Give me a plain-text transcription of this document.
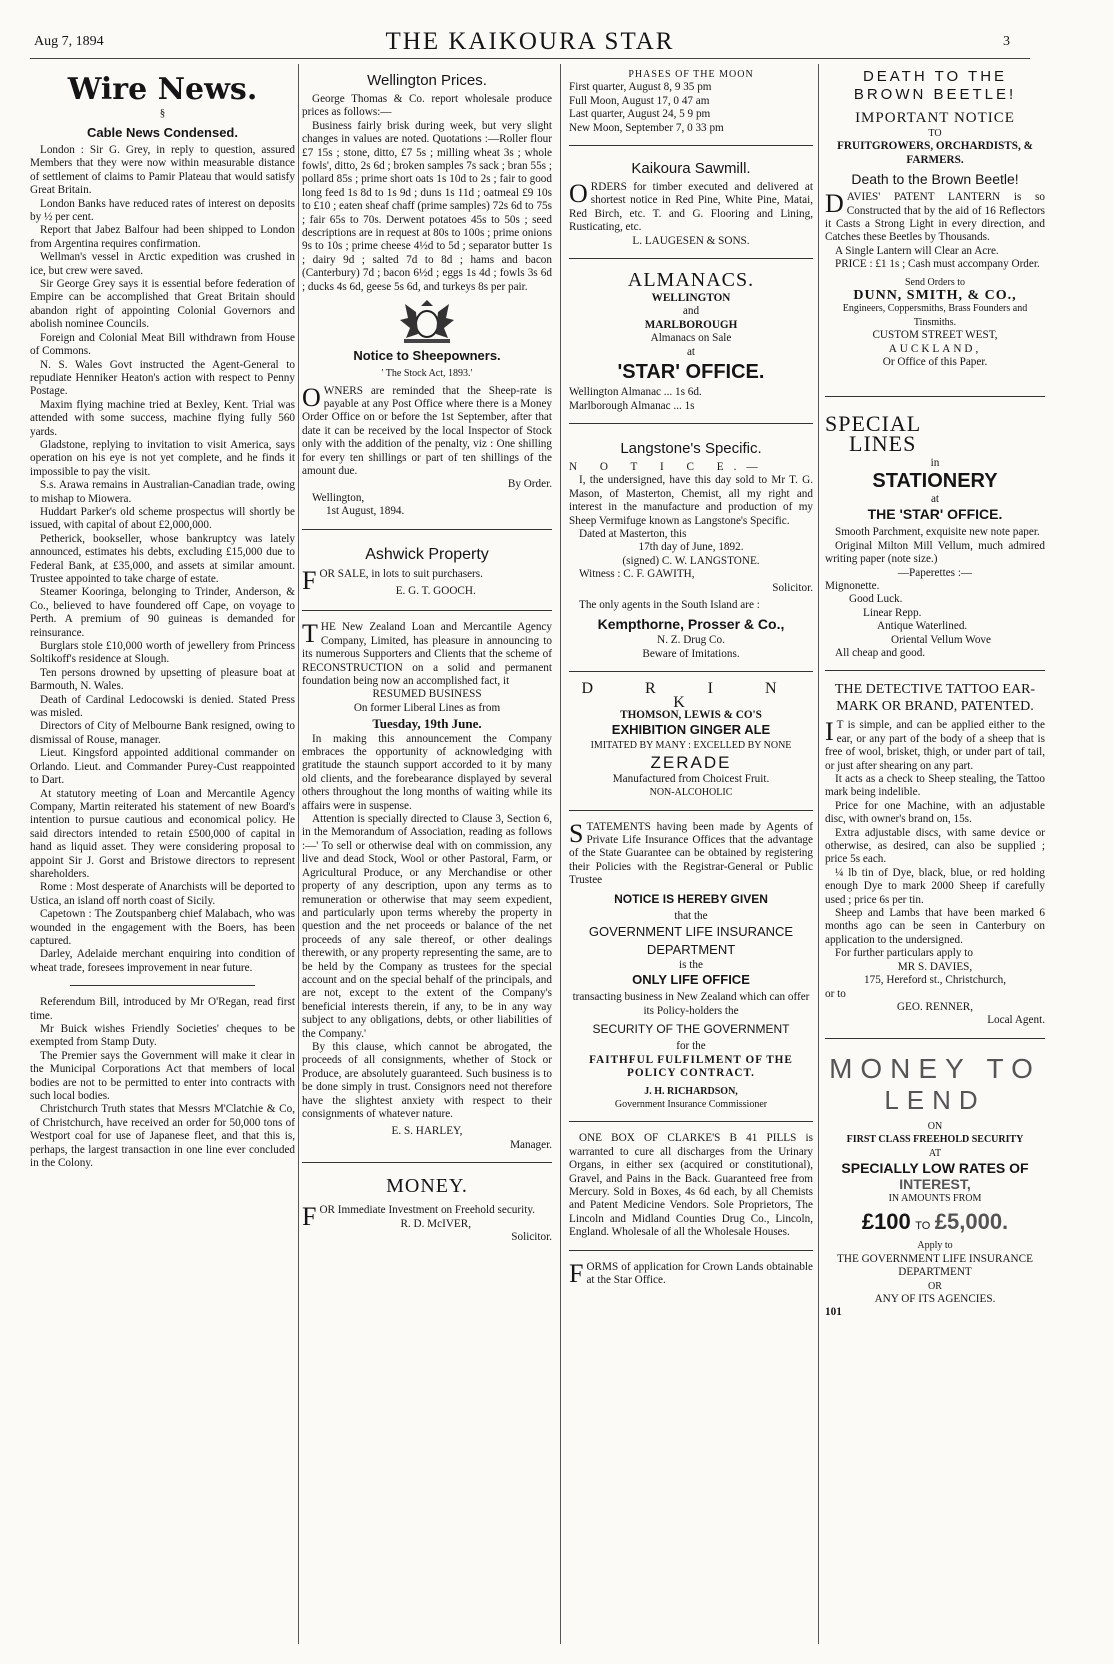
Aug 7, 1894	THE KAIKOURA STAR	3
Wire News.
§
Cable News Condensed.

London : Sir G. Grey, in reply to question, assured Members that they were now within measurable distance of settlement of claims to Pamir Plateau that would satisfy Great Britain.

London Banks have reduced rates of interest on deposits by ½ per cent.

Report that Jabez Balfour had been shipped to London from Argentina requires confirmation.

Wellman's vessel in Arctic expedition was crushed in ice, but crew were saved.

Sir George Grey says it is essential before federation of Empire can be accomplished that Great Britain should abandon right of appointing Colonial Governors and abolish nominee Councils.

Foreign and Colonial Meat Bill withdrawn from House of Commons.

N. S. Wales Govt instructed the Agent-General to repudiate Henniker Heaton's action with respect to Penny Postage.

Maxim flying machine tried at Bexley, Kent. Trial was attended with some success, machine flying fully 560 yards.

Gladstone, replying to invitation to visit America, says operation on his eye is not yet complete, and he finds it impossible to pay the visit.

S.s. Arawa remains in Australian-Canadian trade, owing to mishap to Miowera.

Huddart Parker's old scheme prospectus will shortly be issued, with capital of about £2,000,000.

Petherick, bookseller, whose bankruptcy was lately announced, estimates his debts, excluding £15,000 due to Federal Bank, at £35,000, and assets at similar amount. Trustee appointed to take charge of estate.

Steamer Kooringa, belonging to Trinder, Anderson, & Co., believed to have foundered off Cape, on voyage to Perth. A premium of 90 guineas is demanded for reinsurance.

Burglars stole £10,000 worth of jewellery from Princess Soltikoff's residence at Slough.

Ten persons drowned by upsetting of pleasure boat at Barmouth, N. Wales.

Death of Cardinal Ledocowski is denied. Stated Press was misled.

Directors of City of Melbourne Bank resigned, owing to dismissal of Rouse, manager.

Lieut. Kingsford appointed additional commander on Orlando. Lieut. and Commander Purey-Cust reappointed to Dart.

At statutory meeting of Loan and Mercantile Agency Company, Martin reiterated his statement of new Board's intention to pursue cautious and economical policy. He said directors intended to retain £500,000 of capital in hand as liquid asset. They were considering proposal to appoint Sir J. Gorst and Bristowe directors to represent shareholders.

Rome : Most desperate of Anarchists will be deported to Ustica, an island off north coast of Sicily.

Capetown : The Zoutspanberg chief Malabach, who was wounded in the engagement with the Boers, has been captured.

Darley, Adelaide merchant enquiring into condition of wheat trade, foresees improvement in near future.

Referendum Bill, introduced by Mr O'Regan, read first time.

Mr Buick wishes Friendly Societies' cheques to be exempted from Stamp Duty.

The Premier says the Government will make it clear in the Municipal Corporations Act that members of local bodies are not to be permitted to enter into contracts with such local bodies.

Christchurch Truth states that Messrs M'Clatchie & Co, of Christchurch, have received an order for 50,000 tons of Westport coal for use of Japanese fleet, and that this is, perhaps, the largest transaction in one line ever concluded in the Colony.

Wellington Prices.

George Thomas & Co. report wholesale produce prices as follows:—

Business fairly brisk during week, but very slight changes in values are noted. Quotations :—Roller flour £7 15s ; stone, ditto, £7 5s ; milling wheat 3s ; whole fowls', ditto, 2s 6d ; broken samples 7s sack ; bran 55s ; pollard 85s ; prime short oats 1s 10d to 2s ; fair to good long feed 1s 8d to 1s 9d ; duns 1s 11d ; oatmeal £9 10s to £10 ; eaten sheaf chaff (prime samples) 72s 6d to 75s ; fair 65s to 70s. Derwent potatoes 45s to 50s ; seed descriptions are in request at 80s to 100s ; prime onions 9s to 10s ; prime cheese 4½d to 5d ; separator butter 1s ; dairy 9d ; salted 7d to 8d ; hams and bacon (Canterbury) 7d ; bacon 6½d ; eggs 1s 4d ; fowls 3s 6d ; ducks 4s 6d, geese 5s 6d, and turkeys 8s per pair.

Notice to Sheepowners.

' The Stock Act, 1893.'

OWNERS are reminded that the Sheep-rate is payable at any Post Office where there is a Money Order Office on or before the 1st September, after that date it can be received by the local Inspector of Stock only with the addition of the penalty, viz : One shilling for every ten shillings or part of ten shillings of the amount due.

By Order.

Wellington,

1st August, 1894.

Ashwick Property

FOR SALE, in lots to suit purchasers.

E. G. T. GOOCH.

THE New Zealand Loan and Mercantile Agency Company, Limited, has pleasure in announcing to its numerous Supporters and Clients that the scheme of RECONSTRUCTION on a solid and permanent foundation being now an accomplished fact, it

RESUMED BUSINESS

On former Liberal Lines as from

Tuesday, 19th June.

In making this announcement the Company embraces the opportunity of acknowledging with gratitude the staunch support accorded to it by many old clients, and the forebearance displayed by several others throughout the long months of waiting while its affairs were in suspense.

Attention is specially directed to Clause 3, Section 6, in the Memorandum of Association, reading as follows :—' To sell or otherwise deal with on commission, any live and dead Stock, Wool or other Pastoral, Farm, or Agricultural Produce, or any Merchandise or other property of any description, upon any terms as to remuneration or otherwise that may seem expedient, and particularly upon terms whereby the property in question and the net proceeds or balance of the net proceeds of any sale thereof, or other dealings therewith, or any property representing the same, are to be held by the Company as trustees for the special account and on the special behalf of the principals, and are not, except to the extent of the Company's beneficial interests therein, if any, to be in any way subject to any obligations, debts, or other liabilities of the Company.'

By this clause, which cannot be abrogated, the proceeds of all consignments, whether of Stock or Produce, are absolutely guaranteed. Such business is to be done simply in trust. Consignors need not therefore have the slightest anxiety with respect to their consignments of whatever nature.

E. S. HARLEY,

Manager.

MONEY.

FOR Immediate Investment on Freehold security.

R. D. McIVER,

Solicitor.

PHASES OF THE MOON

First quarter, August 8, 9 35 pm

Full Moon, August 17, 0 47 am

Last quarter, August 24, 5 9 pm

New Moon, September 7, 0 33 pm

Kaikoura Sawmill.

ORDERS for timber executed and delivered at shortest notice in Red Pine, White Pine, Matai, Red Birch, etc. T. and G. Flooring and Lining, Rusticating, etc.

L. LAUGESEN & SONS.

ALMANACS.

WELLINGTON

and

MARLBOROUGH

Almanacs on Sale

at

'STAR' OFFICE.

Wellington Almanac ... 1s 6d.

Marlborough Almanac ... 1s

Langstone's Specific.

N O T I C E.—

I, the undersigned, have this day sold to Mr T. G. Mason, of Masterton, Chemist, all my right and interest in the manufacture and production of my Sheep Vermifuge known as Langstone's Specific.

Dated at Masterton, this

17th day of June, 1892.

(signed) C. W. LANGSTONE.

Witness : C. F. GAWITH,

Solicitor.

The only agents in the South Island are :

Kempthorne, Prosser & Co.,

N. Z. Drug Co.

Beware of Imitations.

D R I N K

THOMSON, LEWIS & CO'S

EXHIBITION GINGER ALE

IMITATED BY MANY : EXCELLED BY NONE

ZERADE

Manufactured from Choicest Fruit.

NON-ALCOHOLIC

STATEMENTS having been made by Agents of Private Life Insurance Offices that the advantage of the State Guarantee can be obtained by registering their Policies with the Registrar-General or Public Trustee

NOTICE IS HEREBY GIVEN

that the

GOVERNMENT LIFE INSURANCE DEPARTMENT

is the

ONLY LIFE OFFICE

transacting business in New Zealand which can offer its Policy-holders the

SECURITY OF THE GOVERNMENT

for the

FAITHFUL FULFILMENT OF THE POLICY CONTRACT.

J. H. RICHARDSON,

Government Insurance Commissioner

ONE BOX OF CLARKE'S B 41 PILLS is warranted to cure all discharges from the Urinary Organs, in either sex (acquired or constitutional), Gravel, and Pains in the Back. Guaranteed free from Mercury. Sold in Boxes, 4s 6d each, by all Chemists and Patent Medicine Vendors. Sole Proprietors, The Lincoln and Midland Counties Drug Co., Lincoln, England. Wholesale of all the Wholesale Houses.

FORMS of application for Crown Lands obtainable at the Star Office.

DEATH TO THE BROWN BEETLE!
IMPORTANT NOTICE

TO

FRUITGROWERS, ORCHARDISTS, & FARMERS.

Death to the Brown Beetle!

DAVIES' PATENT LANTERN is so Constructed that by the aid of 16 Reflectors it Casts a Strong Light in every direction, and Catches these Beetles by Thousands.

A Single Lantern will Clear an Acre.

PRICE : £1 1s ; Cash must accompany Order.

Send Orders to

DUNN, SMITH, & CO.,

Engineers, Coppersmiths, Brass Founders and Tinsmiths.

CUSTOM STREET WEST,

AUCKLAND,

Or Office of this Paper.

SPECIAL
LINES

in

STATIONERY

at

THE 'STAR' OFFICE.

Smooth Parchment, exquisite new note paper.

Original Milton Mill Vellum, much admired writing paper (note size.)

—Paperettes :—

Mignonette.

Good Luck.

Linear Repp.

Antique Waterlined.

Oriental Vellum Wove

All cheap and good.

THE DETECTIVE TATTOO EAR-MARK OR BRAND, PATENTED.

I T is simple, and can be applied either to the ear, or any part of the body of a sheep that is free of wool, brisket, thigh, or under part of tail, or just after shearing on any part.

It acts as a check to Sheep stealing, the Tattoo mark being indelible.

Price for one Machine, with an adjustable disc, with owner's brand on, 15s.

Extra adjustable discs, with same device or otherwise, as desired, can also be supplied ; price 5s each.

¼ lb tin of Dye, black, blue, or red holding enough Dye to mark 2000 Sheep if carefully used ; price 6s per tin.

Sheep and Lambs that have been marked 6 months ago can be seen in Canterbury on application to the undersigned.

For further particulars apply to

MR S. DAVIES,

175, Hereford st., Christchurch,

or to

GEO. RENNER,

Local Agent.

MONEY TO
LEND

ON

FIRST CLASS FREEHOLD SECURITY

AT

SPECIALLY LOW RATES OF
INTEREST,

IN AMOUNTS FROM

£100 TO £5,000.

Apply to

THE GOVERNMENT LIFE INSURANCE DEPARTMENT

OR

ANY OF ITS AGENCIES.

101
